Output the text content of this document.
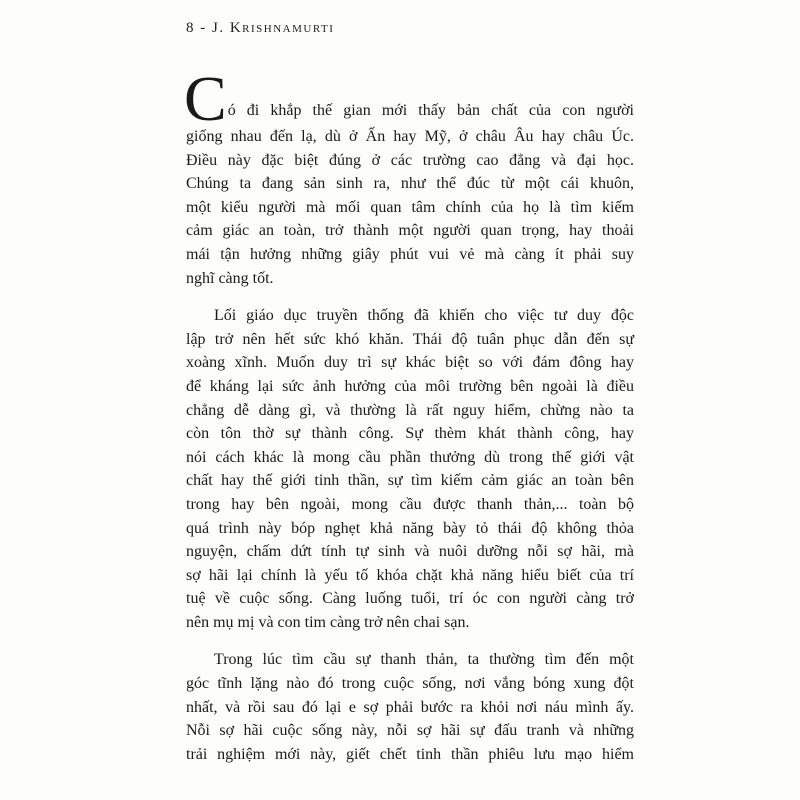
8 - J. Krishnamurti
C ó đi khắp thế gian mới thấy bản chất của con người
giống nhau đến lạ, dù ở Ấn hay Mỹ, ở châu Âu hay châu Úc.
Điều này đặc biệt đúng ở các trường cao đẳng và đại học.
Chúng ta đang sản sinh ra, như thể đúc từ một cái khuôn,
một kiểu người mà mối quan tâm chính của họ là tìm kiếm
cảm giác an toàn, trở thành một người quan trọng, hay thoải
mái tận hưởng những giây phút vui vẻ mà càng ít phải suy
nghĩ càng tốt.
Lối giáo dục truyền thống đã khiến cho việc tư duy độc
lập trở nên hết sức khó khăn. Thái độ tuân phục dẫn đến sự
xoàng xĩnh. Muốn duy trì sự khác biệt so với đám đông hay
để kháng lại sức ảnh hưởng của môi trường bên ngoài là điều
chẳng dễ dàng gì, và thường là rất nguy hiểm, chừng nào ta
còn tôn thờ sự thành công. Sự thèm khát thành công, hay
nói cách khác là mong cầu phần thưởng dù trong thế giới vật
chất hay thế giới tinh thần, sự tìm kiếm cảm giác an toàn bên
trong hay bên ngoài, mong cầu được thanh thản,... toàn bộ
quá trình này bóp nghẹt khả năng bày tỏ thái độ không thỏa
nguyện, chấm dứt tính tự sinh và nuôi dưỡng nỗi sợ hãi, mà
sợ hãi lại chính là yếu tố khóa chặt khả năng hiểu biết của trí
tuệ về cuộc sống. Càng luống tuổi, trí óc con người càng trở
nên mụ mị và con tim càng trở nên chai sạn.
Trong lúc tìm cầu sự thanh thản, ta thường tìm đến một
góc tĩnh lặng nào đó trong cuộc sống, nơi vắng bóng xung đột
nhất, và rồi sau đó lại e sợ phải bước ra khỏi nơi náu mình ấy.
Nỗi sợ hãi cuộc sống này, nỗi sợ hãi sự đấu tranh và những
trải nghiệm mới này, giết chết tinh thần phiêu lưu mạo hiểm
